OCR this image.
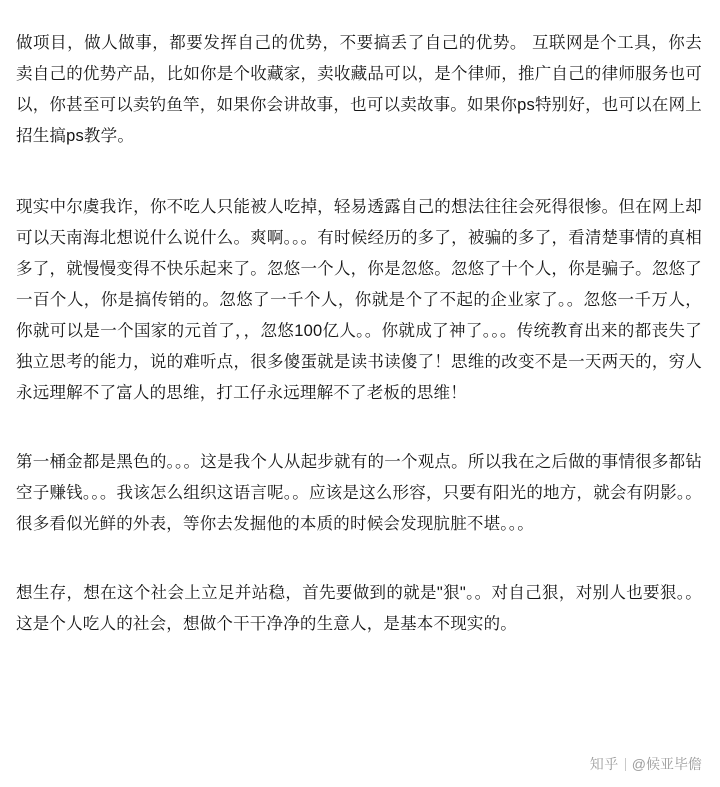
做项目，做人做事，都要发挥自己的优势，不要搞丢了自己的优势。 互联网是个工具，你去卖自己的优势产品，比如你是个收藏家，卖收藏品可以，是个律师，推广自己的律师服务也可以，你甚至可以卖钓鱼竿，如果你会讲故事，也可以卖故事。如果你ps特别好，也可以在网上招生搞ps教学。

现实中尔虞我诈，你不吃人只能被人吃掉，轻易透露自己的想法往往会死得很惨。但在网上却可以天南海北想说什么说什么。爽啊。。。有时候经历的多了，被骗的多了，看清楚事情的真相多了，就慢慢变得不快乐起来了。忽悠一个人，你是忽悠。忽悠了十个人，你是骗子。忽悠了一百个人，你是搞传销的。忽悠了一千个人，你就是个了不起的企业家了。。忽悠一千万人，你就可以是一个国家的元首了，，忽悠100亿人。。你就成了神了。。。传统教育出来的都丧失了独立思考的能力，说的难听点，很多傻蛋就是读书读傻了！思维的改变不是一天两天的，穷人永远理解不了富人的思维，打工仔永远理解不了老板的思维！

第一桶金都是黑色的。。。这是我个人从起步就有的一个观点。所以我在之后做的事情很多都钻空子赚钱。。。我该怎么组织这语言呢。。应该是这么形容，只要有阳光的地方，就会有阴影。。很多看似光鲜的外表，等你去发掘他的本质的时候会发现肮脏不堪。。。

想生存，想在这个社会上立足并站稳，首先要做到的就是"狠"。。对自己狠，对别人也要狠。。这是个人吃人的社会，想做个干干净净的生意人，是基本不现实的。

知乎 @候亚毕儋
